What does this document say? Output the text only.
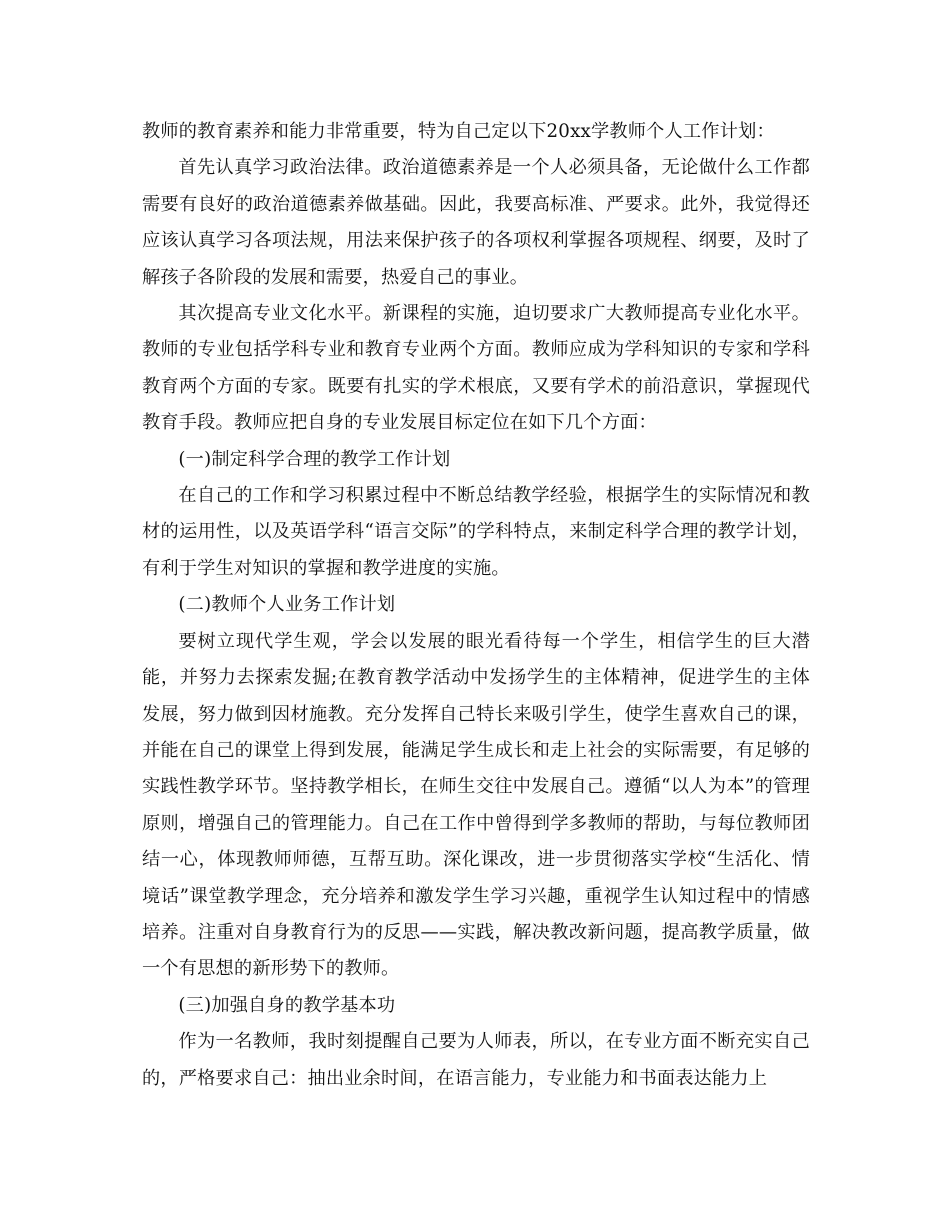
教师的教育素养和能力非常重要，特为自己定以下20xx学教师个人工作计划：

首先认真学习政治法律。政治道德素养是一个人必须具备，无论做什么工作都需要有良好的政治道德素养做基础。因此，我要高标准、严要求。此外，我觉得还应该认真学习各项法规，用法来保护孩子的各项权利掌握各项规程、纲要，及时了解孩子各阶段的发展和需要，热爱自己的事业。

其次提高专业文化水平。新课程的实施，迫切要求广大教师提高专业化水平。教师的专业包括学科专业和教育专业两个方面。教师应成为学科知识的专家和学科教育两个方面的专家。既要有扎实的学术根底，又要有学术的前沿意识，掌握现代教育手段。教师应把自身的专业发展目标定位在如下几个方面：

(一)制定科学合理的教学工作计划

在自己的工作和学习积累过程中不断总结教学经验，根据学生的实际情况和教材的运用性，以及英语学科“语言交际”的学科特点，来制定科学合理的教学计划，有利于学生对知识的掌握和教学进度的实施。

(二)教师个人业务工作计划

要树立现代学生观，学会以发展的眼光看待每一个学生，相信学生的巨大潜能，并努力去探索发掘;在教育教学活动中发扬学生的主体精神，促进学生的主体发展，努力做到因材施教。充分发挥自己特长来吸引学生，使学生喜欢自己的课，并能在自己的课堂上得到发展，能满足学生成长和走上社会的实际需要，有足够的实践性教学环节。坚持教学相长，在师生交往中发展自己。遵循“以人为本”的管理原则，增强自己的管理能力。自己在工作中曾得到学多教师的帮助，与每位教师团结一心，体现教师师德，互帮互助。深化课改，进一步贯彻落实学校“生活化、情境话”课堂教学理念，充分培养和激发学生学习兴趣，重视学生认知过程中的情感培养。注重对自身教育行为的反思——实践，解决教改新问题，提高教学质量，做一个有思想的新形势下的教师。

(三)加强自身的教学基本功

作为一名教师，我时刻提醒自己要为人师表，所以，在专业方面不断充实自己的，严格要求自己：抽出业余时间，在语言能力，专业能力和书面表达能力上
